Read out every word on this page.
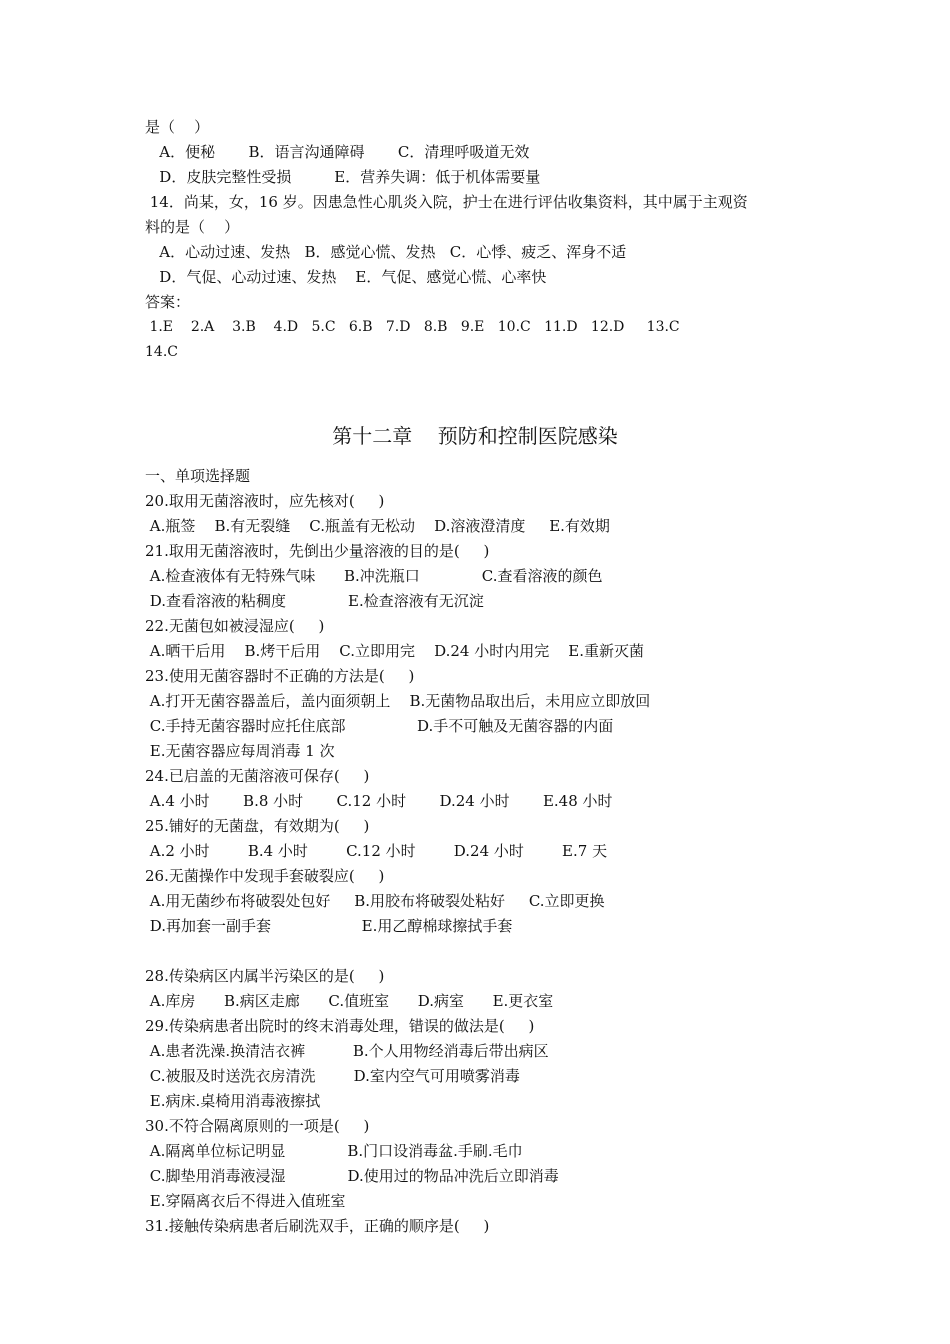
是（    ）
A．便秘       B．语言沟通障碍       C．清理呼吸道无效
D．皮肤完整性受损         E．营养失调：低于机体需要量
14．尚某，女，16 岁。因患急性心肌炎入院，护士在进行评估收集资料，其中属于主观资
料的是（    ）
A．心动过速、发热   B．感觉心慌、发热   C．心悸、疲乏、浑身不适
D．气促、心动过速、发热    E．气促、感觉心慌、心率快
答案：
1.E    2.A    3.B    4.D   5.C   6.B   7.D   8.B   9.E   10.C   11.D   12.D     13.C
14.C
第十二章    预防和控制医院感染
一、单项选择题
20.取用无菌溶液时，应先核对(     )
A.瓶签    B.有无裂缝    C.瓶盖有无松动    D.溶液澄清度     E.有效期
21.取用无菌溶液时，先倒出少量溶液的目的是(     )
A.检查液体有无特殊气味      B.冲洗瓶口             C.查看溶液的颜色
D.查看溶液的粘稠度             E.检查溶液有无沉淀
22.无菌包如被浸湿应(     )
A.晒干后用    B.烤干后用    C.立即用完    D.24 小时内用完    E.重新灭菌
23.使用无菌容器时不正确的方法是(     )
A.打开无菌容器盖后，盖内面须朝上    B.无菌物品取出后，未用应立即放回
C.手持无菌容器时应托住底部               D.手不可触及无菌容器的内面
E.无菌容器应每周消毒 1 次
24.已启盖的无菌溶液可保存(     )
A.4 小时       B.8 小时       C.12 小时       D.24 小时       E.48 小时
25.铺好的无菌盘，有效期为(     )
A.2 小时        B.4 小时        C.12 小时        D.24 小时        E.7 天
26.无菌操作中发现手套破裂应(     )
A.用无菌纱布将破裂处包好     B.用胶布将破裂处粘好     C.立即更换
D.再加套一副手套                   E.用乙醇棉球擦拭手套
28.传染病区内属半污染区的是(     )
A.库房      B.病区走廊      C.值班室      D.病室      E.更衣室
29.传染病患者出院时的终末消毒处理，错误的做法是(     )
A.患者洗澡.换清洁衣裤          B.个人用物经消毒后带出病区
C.被服及时送洗衣房清洗        D.室内空气可用喷雾消毒
E.病床.桌椅用消毒液擦拭
30.不符合隔离原则的一项是(     )
A.隔离单位标记明显             B.门口设消毒盆.手刷.毛巾
C.脚垫用消毒液浸湿             D.使用过的物品冲洗后立即消毒
E.穿隔离衣后不得进入值班室
31.接触传染病患者后刷洗双手，正确的顺序是(     )
